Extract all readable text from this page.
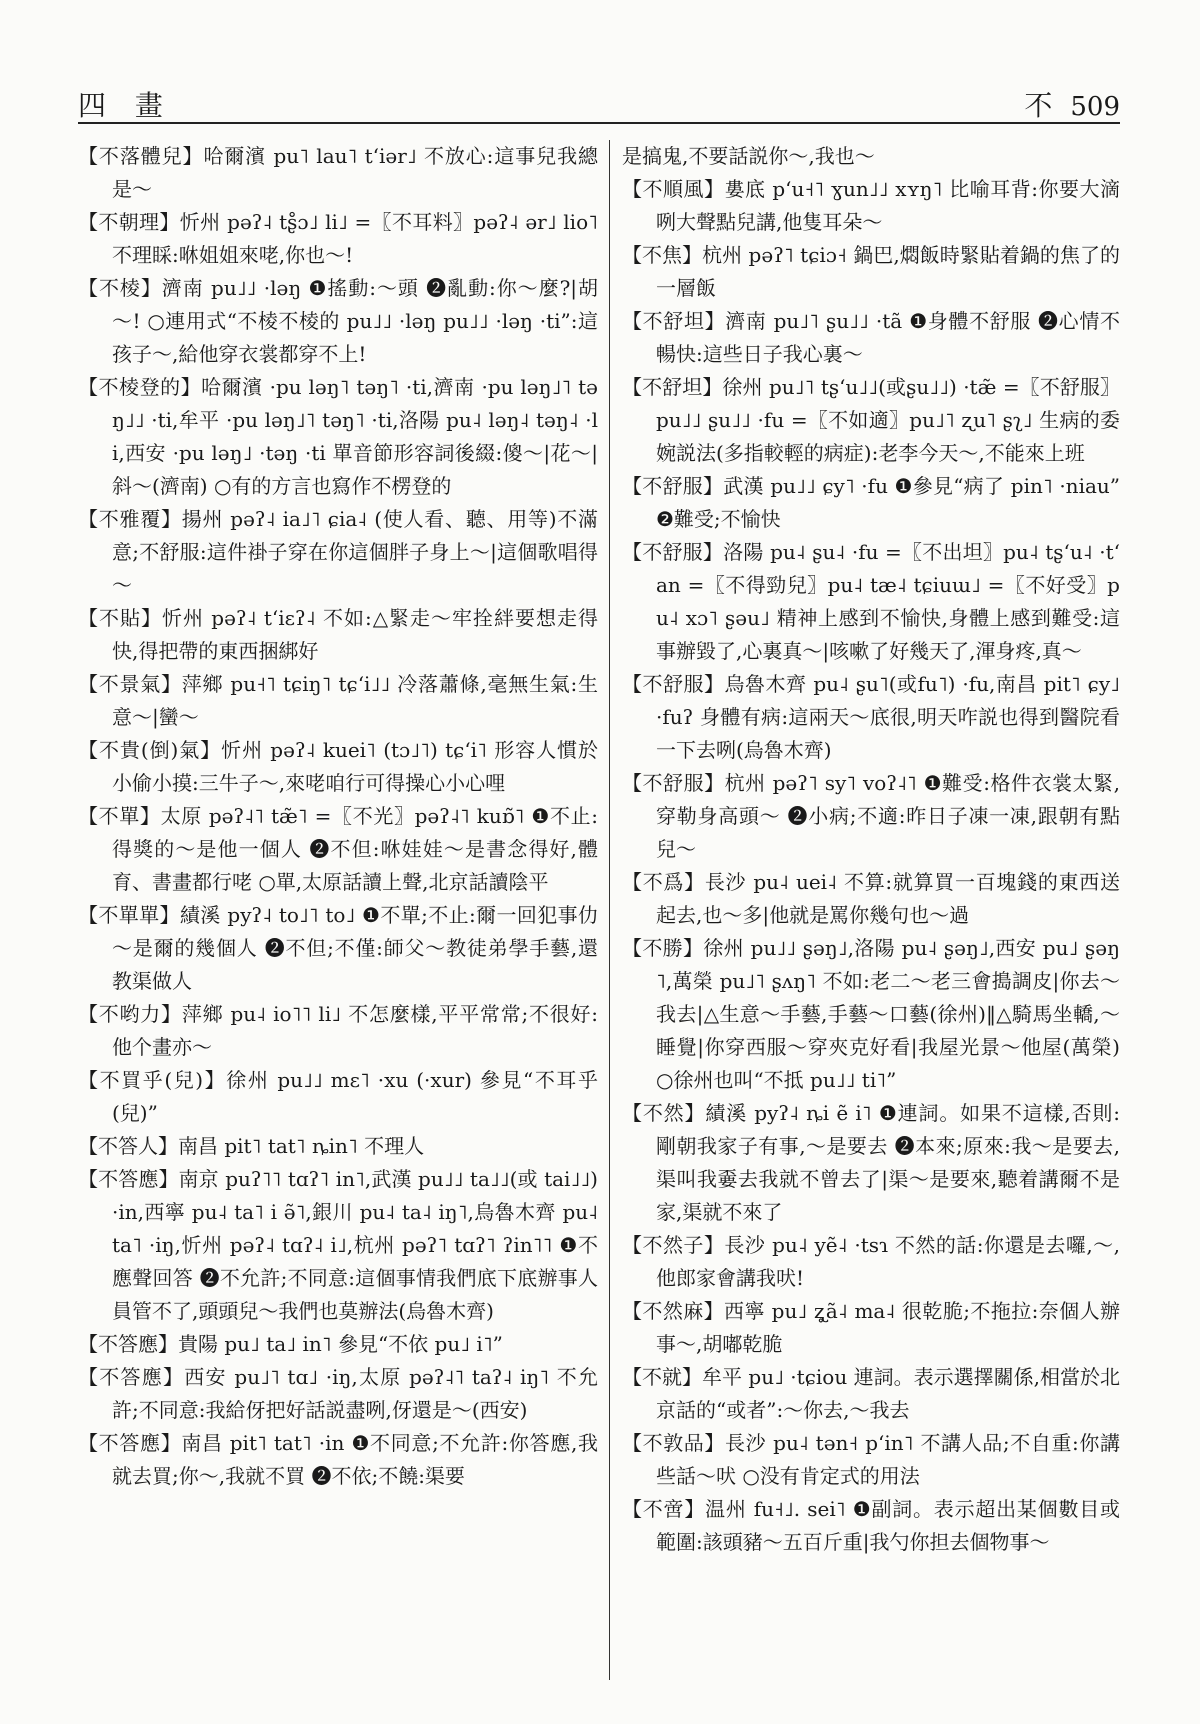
四 畫	不 509

【不落體兒】哈爾濱 pu˥ lau˥ tʻiər˩ 不放心:這事兒我總是～

【不朝理】忻州 pəʔ˨ tʂ̊ɔ˩ li˩ =〖不耳料〗pəʔ˨ ər˩ lio˥ 不理睬:咻姐姐來咾,你也～!

【不棱】濟南 pu˩˩ ·ləŋ ❶搖動:～頭 ❷亂動:你～麼?|胡～! ○連用式“不棱不棱的 pu˩˩ ·ləŋ pu˩˩ ·ləŋ ·ti”:這孩子～,給他穿衣裳都穿不上!

【不棱登的】哈爾濱 ·pu ləŋ˥ təŋ˥ ·ti,濟南 ·pu ləŋ˩˥ təŋ˩˩ ·ti,牟平 ·pu ləŋ˩˥ təŋ˥ ·ti,洛陽 pu˨ ləŋ˨ təŋ˨ ·li,西安 ·pu ləŋ˩ ·təŋ ·ti 單音節形容詞後綴:傻～|花～|斜～(濟南) ○有的方言也寫作不楞登的

【不雅覆】揚州 pəʔ˨ ia˩˥ ɕia˨ (使人看、聽、用等)不滿意;不舒服:這件褂子穿在你這個胖子身上～|這個歌唱得～

【不貼】忻州 pəʔ˨ tʻiɛʔ˨ 不如:△緊走～牢拴絆要想走得快,得把帶的東西捆綁好

【不景氣】萍鄉 pu˧˥ tɕiŋ˥ tɕʻi˩˩ 冷落蕭條,毫無生氣:生意～|蠻～

【不貴(倒)氣】忻州 pəʔ˨ kuei˥ (tɔ˩˥) tɕʻi˥ 形容人慣於小偷小摸:三牛子～,來咾咱行可得操心小心哩

【不單】太原 pəʔ˨˥ tæ̃˥ =〖不光〗pəʔ˨˥ kuɒ̃˥ ❶不止:得獎的～是他一個人 ❷不但:咻娃娃～是書念得好,體育、書畫都行咾 ○單,太原話讀上聲,北京話讀陰平

【不單單】績溪 pyʔ˨ to˩˥ to˩ ❶不單;不止:爾一回犯事仂～是爾的幾個人 ❷不但;不僅:師父～教徒弟學手藝,還教渠做人

【不哟力】萍鄉 pu˨ io˥˥ li˩ 不怎麼樣,平平常常;不很好:他个畫亦～

【不買乎(兒)】徐州 pu˩˩ mɛ˥ ·xu (·xur) 參見“不耳乎(兒)”

【不答人】南昌 pit˥ tat˥ ȵin˥ 不理人

【不答應】南京 puʔ˥˥ tɑʔ˥ in˥,武漢 pu˩˩ ta˩˩(或 tai˩˩) ·in,西寧 pu˨ ta˥ i ə̃˥,銀川 pu˨ ta˨ iŋ˥,烏魯木齊 pu˨ ta˥ ·iŋ,忻州 pəʔ˨ tɑʔ˨ i˩,杭州 pəʔ˥ tɑʔ˥ ʔin˥˥ ❶不應聲回答 ❷不允許;不同意:這個事情我們底下底辦事人員管不了,頭頭兒～我們也莫辦法(烏魯木齊)

【不答應】貴陽 pu˩ ta˩ in˥ 參見“不依 pu˩ i˥”

【不答應】西安 pu˩˥ tɑ˩ ·iŋ,太原 pəʔ˨˥ taʔ˨ iŋ˥ 不允許;不同意:我給伢把好話説盡咧,伢還是～(西安)

【不答應】南昌 pit˥ tat˥ ·in ❶不同意;不允許:你答應,我就去買;你～,我就不買 ❷不依;不饒:渠要

是搞鬼,不要話説你～,我也～

【不順風】婁底 pʻu˧˥ ɣun˩˩ xʏŋ˥ 比喻耳背:你要大滴咧大聲點兒講,他隻耳朵～

【不焦】杭州 pəʔ˥ tɕiɔ˧ 鍋巴,燜飯時緊貼着鍋的焦了的一層飯

【不舒坦】濟南 pu˩˥ ʂu˩˩ ·tã ❶身體不舒服 ❷心情不暢快:這些日子我心裏～

【不舒坦】徐州 pu˩˥ tʂʻu˩˩(或ʂu˩˩) ·tæ̃ =〖不舒服〗pu˩˩ ʂu˩˩ ·fu =〖不如適〗pu˩˥ ʐu˥ ʂʅ˩ 生病的委婉説法(多指較輕的病症):老李今天～,不能來上班

【不舒服】武漢 pu˩˩ ɕy˥ ·fu ❶參見“病了 pin˥ ·niau” ❷難受;不愉快

【不舒服】洛陽 pu˨ ʂu˨ ·fu =〖不出坦〗pu˨ tʂʻu˨ ·tʻan =〖不得勁兒〗pu˨ tæ˨ tɕiuɯ˩ =〖不好受〗pu˨ xɔ˥ ʂəu˩ 精神上感到不愉快,身體上感到難受:這事辦毀了,心裏真～|咳嗽了好幾天了,渾身疼,真～

【不舒服】烏魯木齊 pu˨ ʂu˥(或fu˥) ·fu,南昌 pit˥ ɕy˩ ·fuʔ 身體有病:這兩天～底很,明天咋説也得到醫院看一下去咧(烏魯木齊)

【不舒服】杭州 pəʔ˥ sy˥ voʔ˨˥ ❶難受:格件衣裳太緊,穿勒身高頭～ ❷小病;不適:昨日子凍一凍,跟朝有點兒～

【不爲】長沙 pu˨ uei˨ 不算:就算買一百塊錢的東西送起去,也～多|他就是罵你幾句也～過

【不勝】徐州 pu˩˩ ʂəŋ˩,洛陽 pu˨ ʂəŋ˩,西安 pu˩ ʂəŋ˥,萬榮 pu˩˥ ʂʌŋ˥ 不如:老二～老三會搗調皮|你去～我去|△生意～手藝,手藝～口藝(徐州)‖△騎馬坐轎,～睡覺|你穿西服～穿夾克好看|我屋光景～他屋(萬榮) ○徐州也叫“不抵 pu˩˩ ti˥”

【不然】績溪 pyʔ˨ ȵi ẽ i˥ ❶連詞。如果不這樣,否則:剛朝我家子有事,～是要去 ❷本來;原來:我～是要去,渠叫我嫑去我就不曾去了|渠～是要來,聽着講爾不是家,渠就不來了

【不然子】長沙 pu˨ yẽ˨ ·tsɿ 不然的話:你還是去囉,～,他郎家會講我吠!

【不然麻】西寧 pu˩ ʐ̥ã˨ ma˨ 很乾脆;不拖拉:奈個人辦事～,胡嘟乾脆

【不就】牟平 pu˩ ·tɕiou 連詞。表示選擇關係,相當於北京話的“或者”:～你去,～我去

【不敦品】長沙 pu˨ tən˧ pʻin˥ 不講人品;不自重:你講些話～吠 ○没有肯定式的用法

【不啻】温州 fu˧˩. sei˥ ❶副詞。表示超出某個數目或範圍:該頭豬～五百斤重|我勺你担去個物事～
